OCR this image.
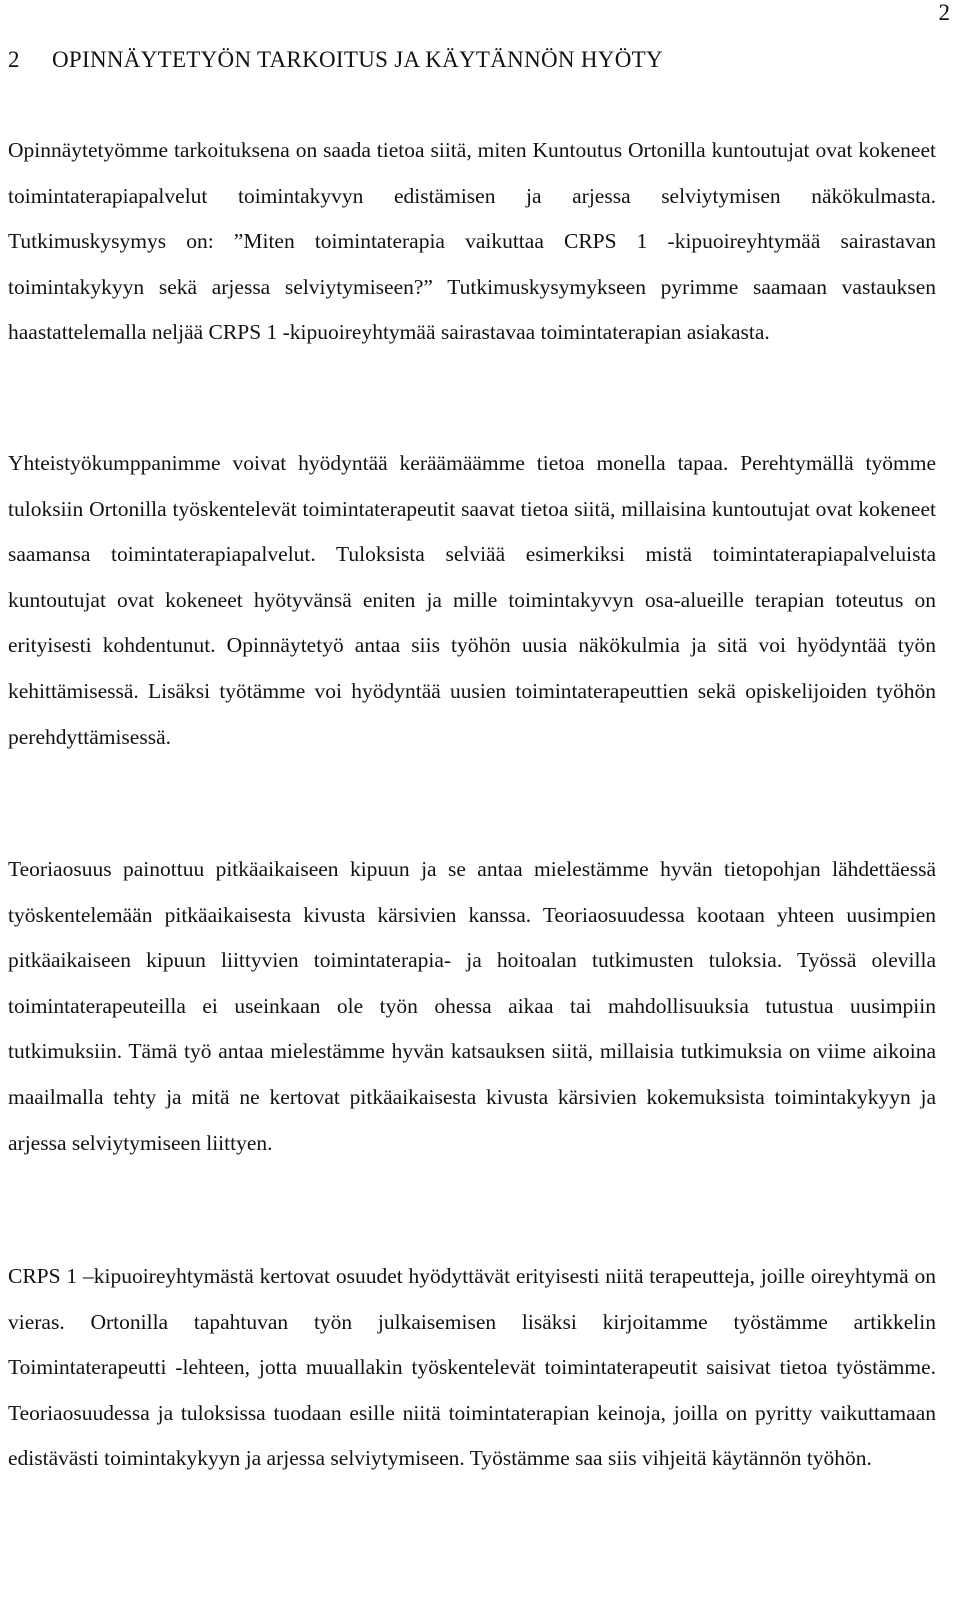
2
2 OPINNÄYTETYÖN TARKOITUS JA KÄYTÄNNÖN HYÖTY

Opinnäytetyömme tarkoituksena on saada tietoa siitä, miten Kuntoutus Ortonilla kuntoutujat ovat kokeneet toimintaterapiapalvelut toimintakyvyn edistämisen ja arjessa selviytymisen näkökulmasta. Tutkimuskysymys on: ”Miten toimintaterapia vaikuttaa CRPS 1 -kipuoireyhtymää sairastavan toimintakykyyn sekä arjessa selviytymiseen?” Tutkimuskysymykseen pyrimme saamaan vastauksen haastattelemalla neljää CRPS 1 -kipuoireyhtymää sairastavaa toimintaterapian asiakasta.

Yhteistyökumppanimme voivat hyödyntää keräämäämme tietoa monella tapaa. Perehtymällä työmme tuloksiin Ortonilla työskentelevät toimintaterapeutit saavat tietoa siitä, millaisina kuntoutujat ovat kokeneet saamansa toimintaterapiapalvelut. Tuloksista selviää esimerkiksi mistä toimintaterapiapalveluista kuntoutujat ovat kokeneet hyötyvänsä eniten ja mille toimintakyvyn osa-alueille terapian toteutus on erityisesti kohdentunut. Opinnäytetyö antaa siis työhön uusia näkökulmia ja sitä voi hyödyntää työn kehittämisessä. Lisäksi työtämme voi hyödyntää uusien toimintaterapeuttien sekä opiskelijoiden työhön perehdyttämisessä.

Teoriaosuus painottuu pitkäaikaiseen kipuun ja se antaa mielestämme hyvän tietopohjan lähdettäessä työskentelemään pitkäaikaisesta kivusta kärsivien kanssa. Teoriaosuudessa kootaan yhteen uusimpien pitkäaikaiseen kipuun liittyvien toimintaterapia- ja hoitoalan tutkimusten tuloksia. Työssä olevilla toimintaterapeuteilla ei useinkaan ole työn ohessa aikaa tai mahdollisuuksia tutustua uusimpiin tutkimuksiin. Tämä työ antaa mielestämme hyvän katsauksen siitä, millaisia tutkimuksia on viime aikoina maailmalla tehty ja mitä ne kertovat pitkäaikaisesta kivusta kärsivien kokemuksista toimintakykyyn ja arjessa selviytymiseen liittyen.

CRPS 1 –kipuoireyhtymästä kertovat osuudet hyödyttävät erityisesti niitä terapeutteja, joille oireyhtymä on vieras. Ortonilla tapahtuvan työn julkaisemisen lisäksi kirjoitamme työstämme artikkelin Toimintaterapeutti -lehteen, jotta muuallakin työskentelevät toimintaterapeutit saisivat tietoa työstämme. Teoriaosuudessa ja tuloksissa tuodaan esille niitä toimintaterapian keinoja, joilla on pyritty vaikuttamaan edistävästi toimintakykyyn ja arjessa selviytymiseen. Työstämme saa siis vihjeitä käytännön työhön.
